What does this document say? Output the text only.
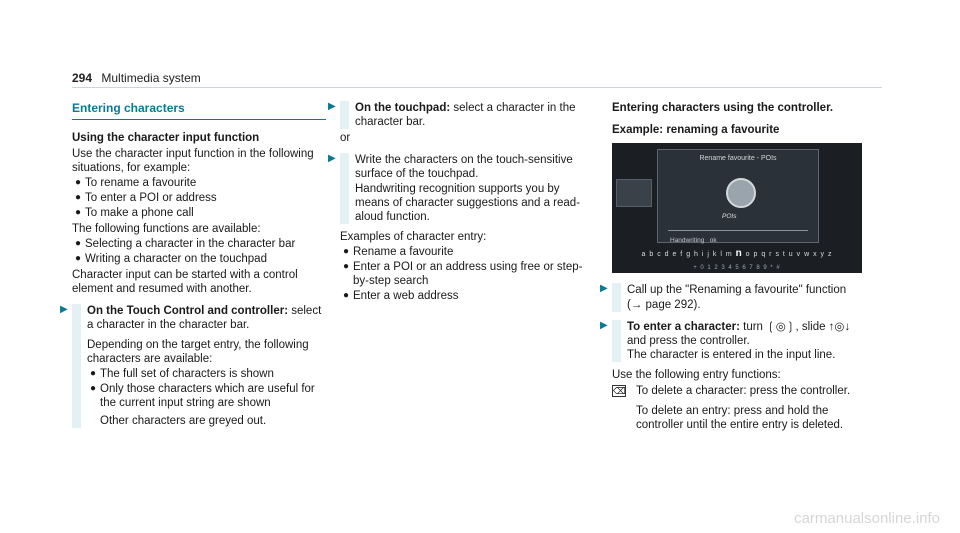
294 Multimedia system
Entering characters
Using the character input function

Use the character input function in the following situations, for example:

● To rename a favourite
● To enter a POI or address
● To make a phone call

The following functions are available:

● Selecting a character in the character bar
● Writing a character on the touchpad

Character input can be started with a control element and resumed with another.

▶ On the Touch Control and controller: select a character in the character bar.

Depending on the target entry, the following characters are available:

● The full set of characters is shown
● Only those characters which are useful for the current input string are shown

Other characters are greyed out.

▶ On the touchpad: select a character in the character bar.

or

▶ Write the characters on the touch-sensitive surface of the touchpad.

Handwriting recognition supports you by means of character suggestions and a read-aloud function.

Examples of character entry:

● Rename a favourite
● Enter a POI or an address using free or step-by-step search
● Enter a web address
Entering characters using the controller.
Example: renaming a favourite
Rename favourite - POIs
POIs
Handwriting ok
a b c d e f g h i j k l m n o p q r s t u v w x y z
+ 0 1 2 3 4 5 6 7 8 9 * #
▶ Call up the "Renaming a favourite" function

(→ page 292).

▶ To enter a character: turn ❲◎❳, slide ↑◎↓ and press the controller.

The character is entered in the input line.

Use the following entry functions:

⌫ To delete a character: press the controller.

To delete an entry: press and hold the controller until the entire entry is deleted.

carmanualsonline.info
